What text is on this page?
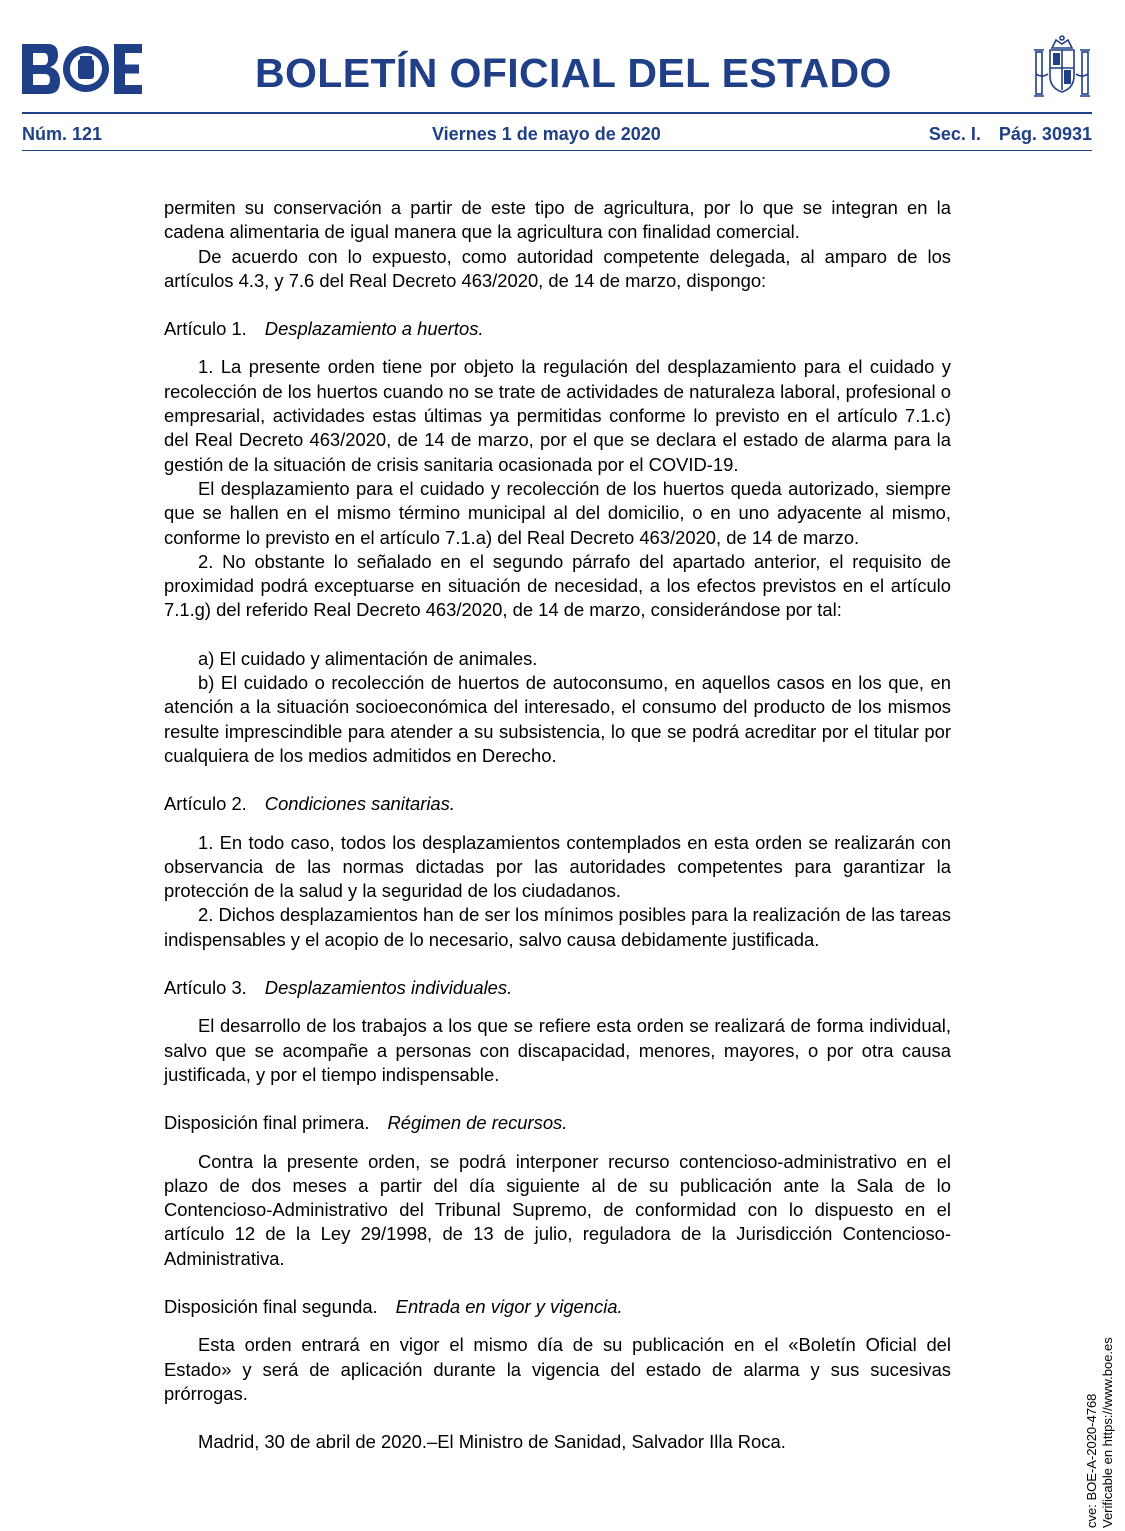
BOLETÍN OFICIAL DEL ESTADO
Núm. 121	Viernes 1 de mayo de 2020	Sec. I. Pág. 30931

permiten su conservación a partir de este tipo de agricultura, por lo que se integran en la cadena alimentaria de igual manera que la agricultura con finalidad comercial.

De acuerdo con lo expuesto, como autoridad competente delegada, al amparo de los artículos 4.3, y 7.6 del Real Decreto 463/2020, de 14 de marzo, dispongo:

Artículo 1. Desplazamiento a huertos.

1. La presente orden tiene por objeto la regulación del desplazamiento para el cuidado y recolección de los huertos cuando no se trate de actividades de naturaleza laboral, profesional o empresarial, actividades estas últimas ya permitidas conforme lo previsto en el artículo 7.1.c) del Real Decreto 463/2020, de 14 de marzo, por el que se declara el estado de alarma para la gestión de la situación de crisis sanitaria ocasionada por el COVID-19.

El desplazamiento para el cuidado y recolección de los huertos queda autorizado, siempre que se hallen en el mismo término municipal al del domicilio, o en uno adyacente al mismo, conforme lo previsto en el artículo 7.1.a) del Real Decreto 463/2020, de 14 de marzo.

2. No obstante lo señalado en el segundo párrafo del apartado anterior, el requisito de proximidad podrá exceptuarse en situación de necesidad, a los efectos previstos en el artículo 7.1.g) del referido Real Decreto 463/2020, de 14 de marzo, considerándose por tal:

a) El cuidado y alimentación de animales.

b) El cuidado o recolección de huertos de autoconsumo, en aquellos casos en los que, en atención a la situación socioeconómica del interesado, el consumo del producto de los mismos resulte imprescindible para atender a su subsistencia, lo que se podrá acreditar por el titular por cualquiera de los medios admitidos en Derecho.

Artículo 2. Condiciones sanitarias.

1. En todo caso, todos los desplazamientos contemplados en esta orden se realizarán con observancia de las normas dictadas por las autoridades competentes para garantizar la protección de la salud y la seguridad de los ciudadanos.

2. Dichos desplazamientos han de ser los mínimos posibles para la realización de las tareas indispensables y el acopio de lo necesario, salvo causa debidamente justificada.

Artículo 3. Desplazamientos individuales.

El desarrollo de los trabajos a los que se refiere esta orden se realizará de forma individual, salvo que se acompañe a personas con discapacidad, menores, mayores, o por otra causa justificada, y por el tiempo indispensable.

Disposición final primera. Régimen de recursos.

Contra la presente orden, se podrá interponer recurso contencioso-administrativo en el plazo de dos meses a partir del día siguiente al de su publicación ante la Sala de lo Contencioso-Administrativo del Tribunal Supremo, de conformidad con lo dispuesto en el artículo 12 de la Ley 29/1998, de 13 de julio, reguladora de la Jurisdicción Contencioso-Administrativa.

Disposición final segunda. Entrada en vigor y vigencia.

Esta orden entrará en vigor el mismo día de su publicación en el «Boletín Oficial del Estado» y será de aplicación durante la vigencia del estado de alarma y sus sucesivas prórrogas.

Madrid, 30 de abril de 2020.–El Ministro de Sanidad, Salvador Illa Roca.	cve: BOE-A-2020-4768 Verificable en https://www.boe.es
